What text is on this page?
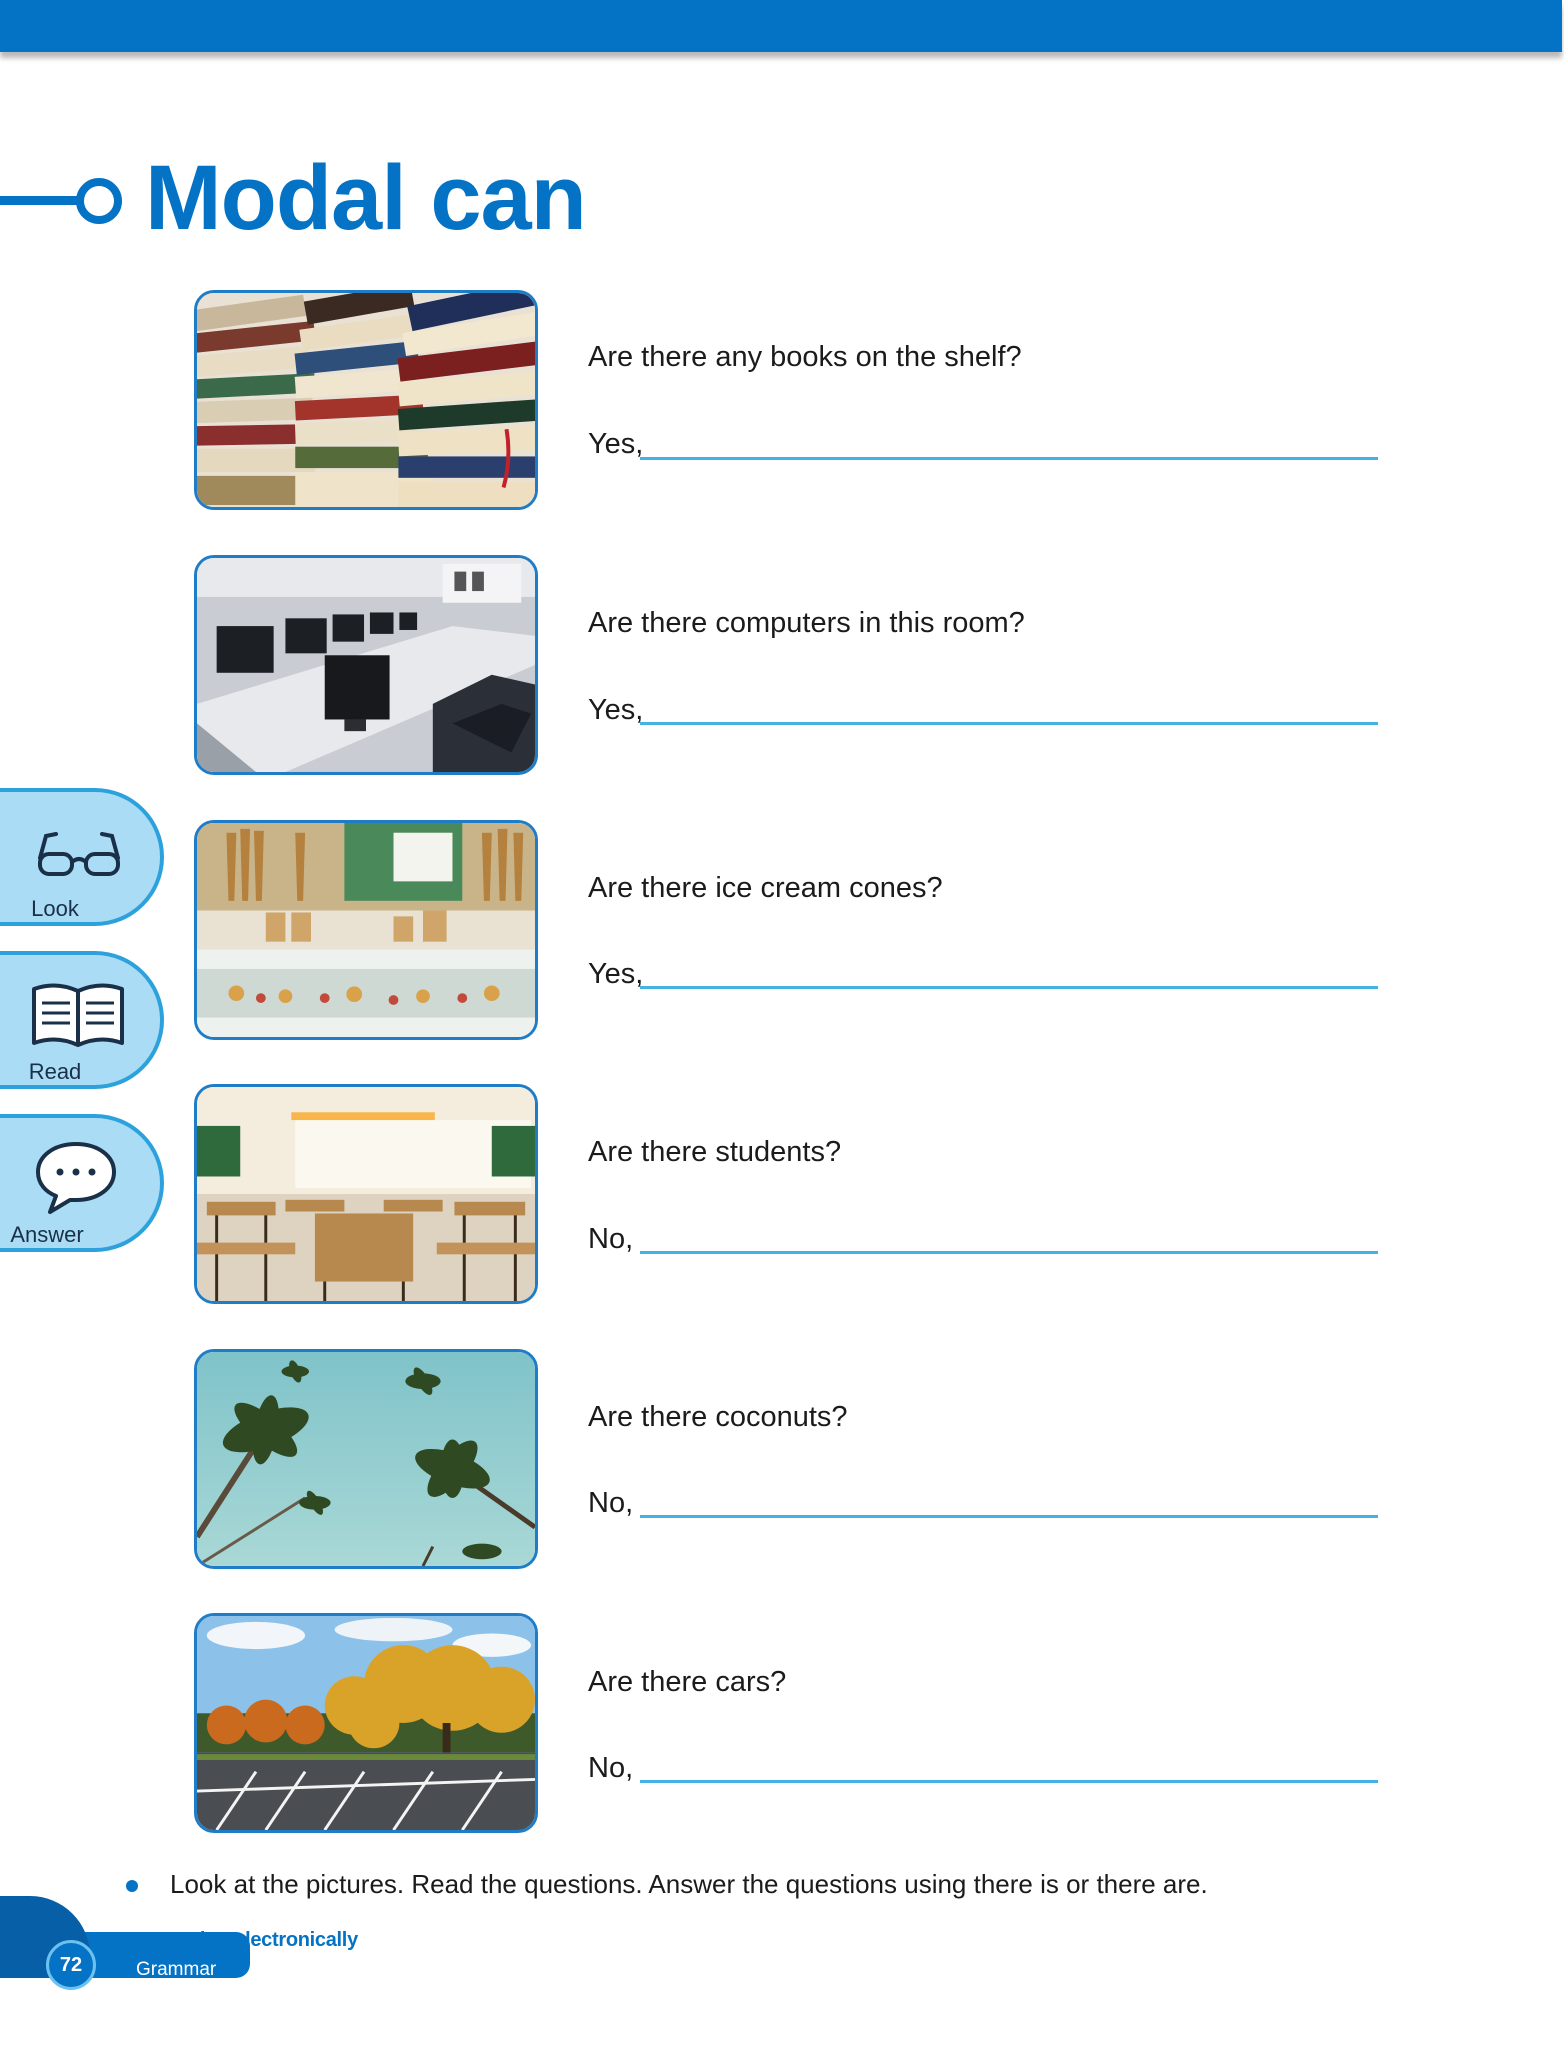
Modal can
Look
Read
Answer
Are there any books on the shelf?
Yes,
Are there computers in this room?
Yes,
Are there ice cream cones?
Yes,
Are there students?
No,
Are there coconuts?
No,
Are there cars?
No,
Look at the pictures. Read the questions. Answer the questions using there is or there are.
72
Connecting electronically
Grammar
